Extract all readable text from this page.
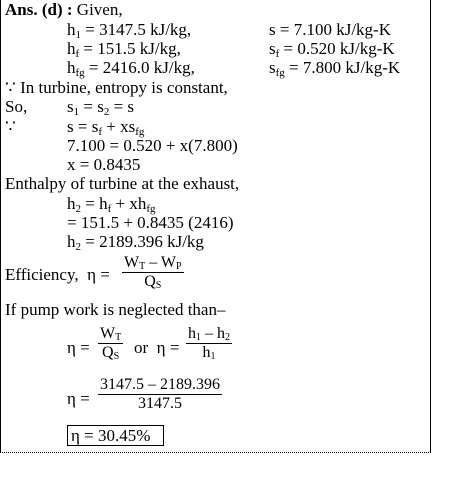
Ans. (d) : Given,
$h_1 = 3147.5$ kJ/kg,
$h_f = 151.5$ kJ/kg,
$h_{fg} = 2416.0$ kJ/kg,
s = 7.100 kJ/kg-K
$s_f = 0.520$ kJ/kg-K
$s_{fg} = 7.800$ kJ/kg-K
∵ In turbine, entropy is constant,
So, $s_1 = s_2 = s$
∵	$s = s_f + xs_{fg}$
7.100 = 0.520 + x(7.800)
x = 0.8435
Enthalpy of turbine at the exhaust,
$h_2 = h_f + xh_{fg}$
= 151.5 + 0.8435 (2416)
$h_2 = 2189.396$ kJ/kg
Efficiency, $\eta = \frac{W_T - W_P}{Q_S}$
If pump work is neglected than–
$\eta = \frac{W_T}{Q_S}$ or $\eta = \frac{h_1 - h_2}{h_1}$
$\eta = \frac{3147.5 - 2189.396}{3147.5}$
η = 30.45%
